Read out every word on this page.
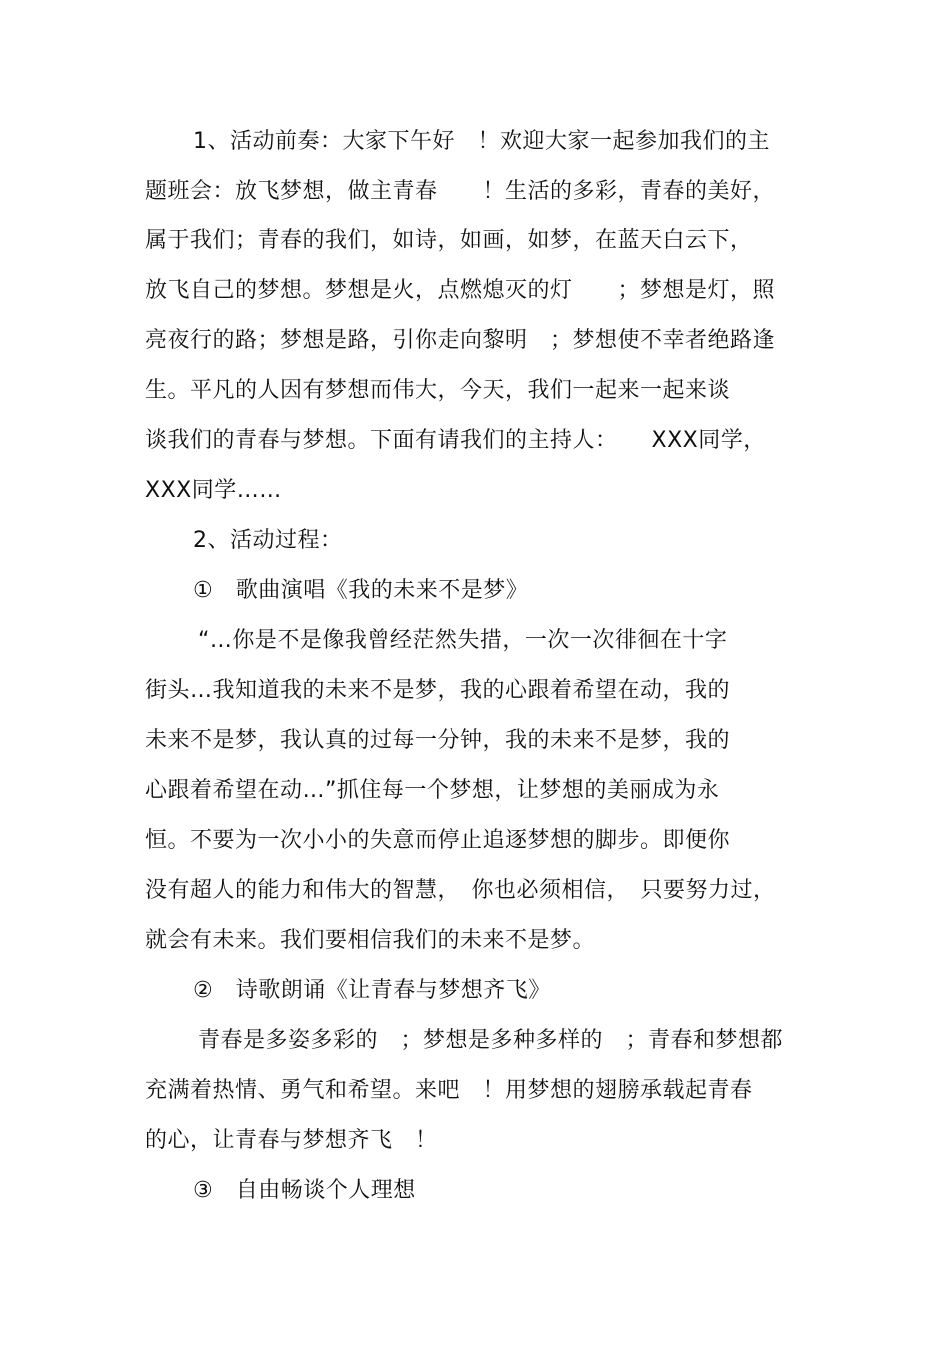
1、活动前奏：大家下午好　！欢迎大家一起参加我们的主
题班会：放飞梦想，做主青春　　！生活的多彩，青春的美好，
属于我们；青春的我们，如诗，如画，如梦，在蓝天白云下，
放飞自己的梦想。梦想是火，点燃熄灭的灯　　；梦想是灯，照
亮夜行的路；梦想是路，引你走向黎明　；梦想使不幸者绝路逢
生。平凡的人因有梦想而伟大，今天，我们一起来一起来谈
谈我们的青春与梦想。下面有请我们的主持人：　　XXX同学，
XXX同学……
2、活动过程：
①　歌曲演唱《我的未来不是梦》
“…你是不是像我曾经茫然失措，一次一次徘徊在十字
街头…我知道我的未来不是梦，我的心跟着希望在动，我的
未来不是梦，我认真的过每一分钟，我的未来不是梦，我的
心跟着希望在动…”抓住每一个梦想，让梦想的美丽成为永
恒。不要为一次小小的失意而停止追逐梦想的脚步。即便你
没有超人的能力和伟大的智慧，　你也必须相信，　只要努力过，
就会有未来。我们要相信我们的未来不是梦。
②　诗歌朗诵《让青春与梦想齐飞》
青春是多姿多彩的　；梦想是多种多样的　；青春和梦想都
充满着热情、勇气和希望。来吧　！用梦想的翅膀承载起青春
的心，让青春与梦想齐飞　！
③　自由畅谈个人理想
